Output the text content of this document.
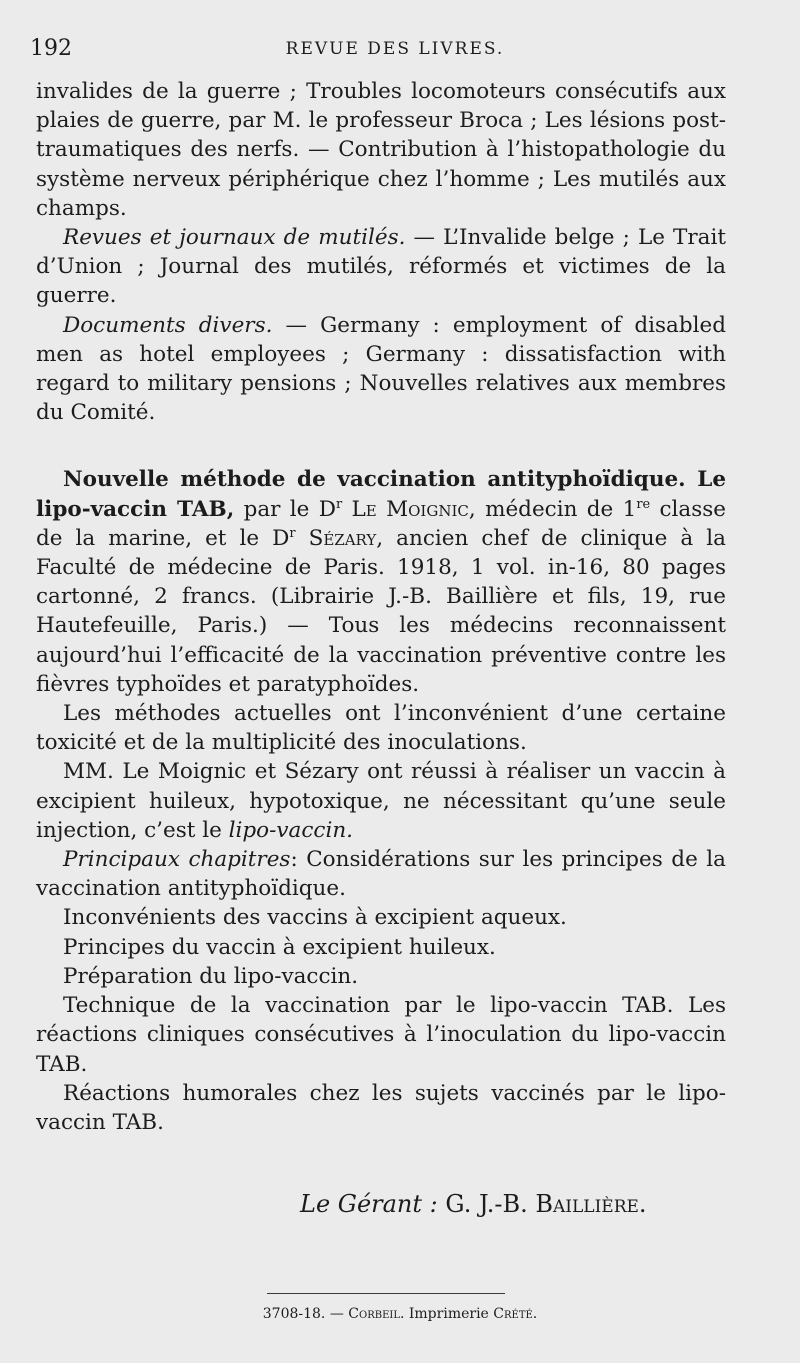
192	REVUE DES LIVRES.

invalides de la guerre ; Troubles locomoteurs consécutifs aux plaies de guerre, par M. le professeur Broca ; Les lésions post-traumatiques des nerfs. — Contribution à l’histopathologie du système nerveux périphérique chez l’homme ; Les mutilés aux champs.

Revues et journaux de mutilés. — L’Invalide belge ; Le Trait d’Union ; Journal des mutilés, réformés et victimes de la guerre.

Documents divers. — Germany : employment of disabled men as hotel employees ; Germany : dissatisfaction with regard to military pensions ; Nouvelles relatives aux membres du Comité.

Nouvelle méthode de vaccination antityphoïdique. Le lipo-vaccin TAB, par le $D^r$ Le Moignic, médecin de 1re classe de la marine, et le $D^r$ Sézary, ancien chef de clinique à la Faculté de médecine de Paris. 1918, 1 vol. in-16, 80 pages cartonné, 2 francs. (Librairie J.-B. Baillière et fils, 19, rue Hautefeuille, Paris.) — Tous les médecins reconnaissent aujourd’hui l’efficacité de la vaccination préventive contre les fièvres typhoïdes et paratyphoïdes.

Les méthodes actuelles ont l’inconvénient d’une certaine toxicité et de la multiplicité des inoculations.

MM. Le Moignic et Sézary ont réussi à réaliser un vaccin à excipient huileux, hypotoxique, ne nécessitant qu’une seule injection, c’est le lipo-vaccin.

Principaux chapitres: Considérations sur les principes de la vaccination antityphoïdique.

Inconvénients des vaccins à excipient aqueux.

Principes du vaccin à excipient huileux.

Préparation du lipo-vaccin.

Technique de la vaccination par le lipo-vaccin TAB. Les réactions cliniques consécutives à l’inoculation du lipo-vaccin TAB.

Réactions humorales chez les sujets vaccinés par le lipo-vaccin TAB.

Le Gérant : G. J.-B. Baillière.
3708-18. — Corbeil. Imprimerie Crété.
